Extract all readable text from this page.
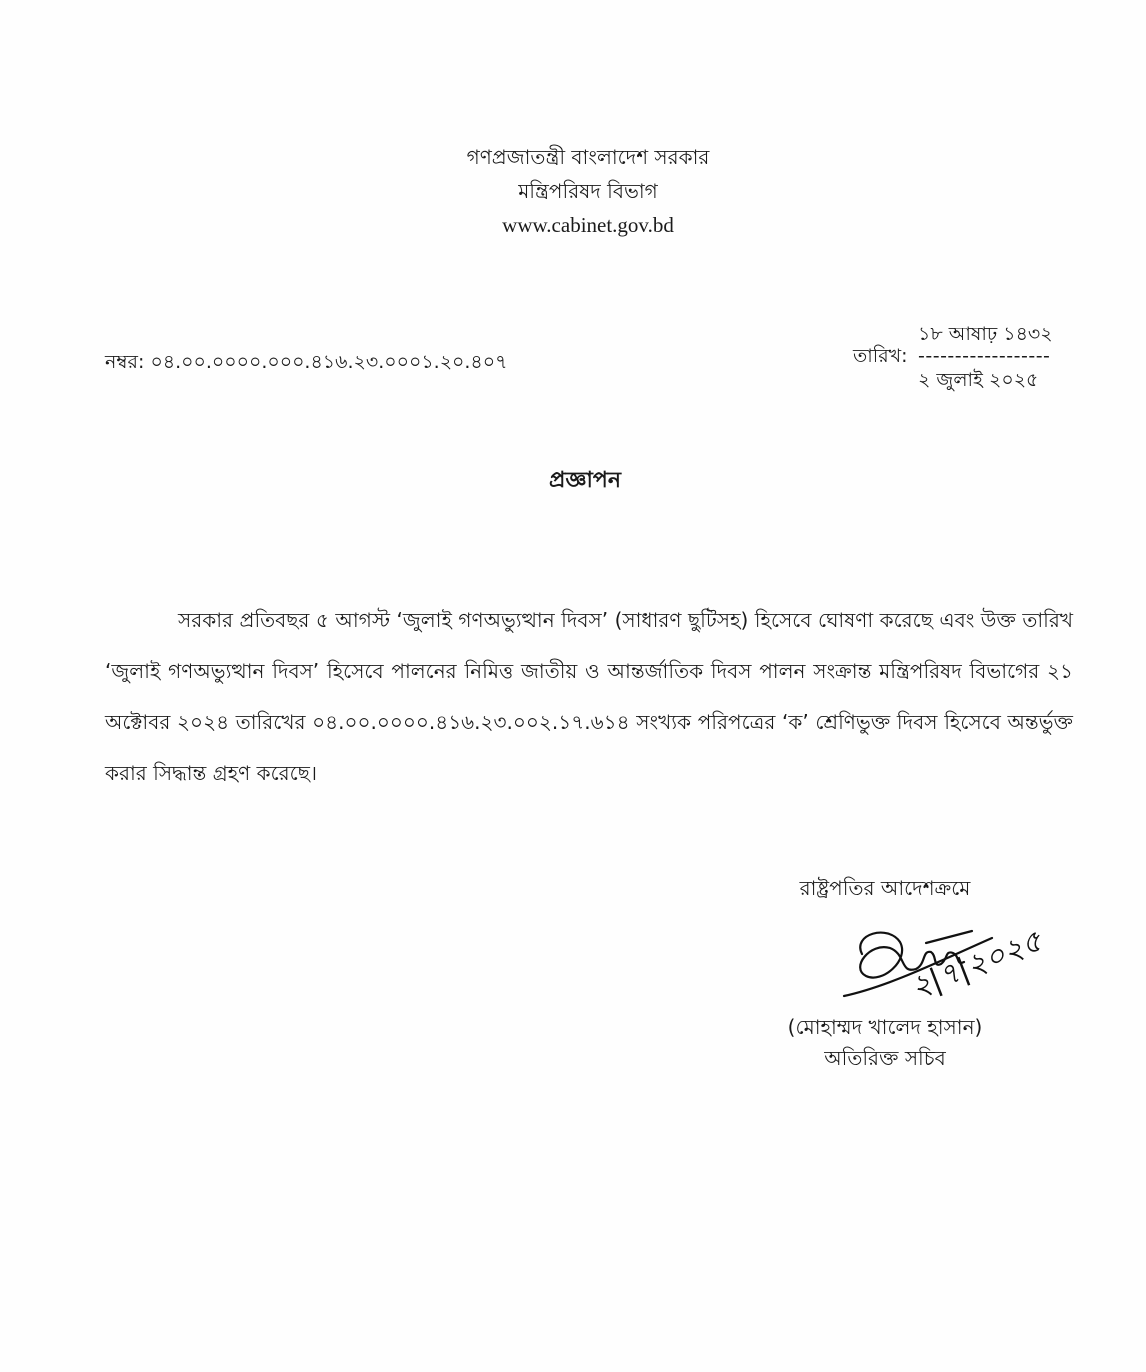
গণপ্রজাতন্ত্রী বাংলাদেশ সরকার
মন্ত্রিপরিষদ বিভাগ
www.cabinet.gov.bd
নম্বর: ০৪.০০.০০০০.০০০.৪১৬.২৩.০০০১.২০.৪০৭	তারিখ:
১৮ আষাঢ় ১৪৩২
------------------
২ জুলাই ২০২৫
প্রজ্ঞাপন

সরকার প্রতিবছর ৫ আগস্ট ‘জুলাই গণঅভ্যুত্থান দিবস’ (সাধারণ ছুটিসহ) হিসেবে ঘোষণা করেছে এবং উক্ত তারিখ ‘জুলাই গণঅভ্যুত্থান দিবস’ হিসেবে পালনের নিমিত্ত জাতীয় ও আন্তর্জাতিক দিবস পালন সংক্রান্ত মন্ত্রিপরিষদ বিভাগের ২১ অক্টোবর ২০২৪ তারিখের ০৪.০০.০০০০.৪১৬.২৩.০০২.১৭.৬১৪ সংখ্যক পরিপত্রের ‘ক’ শ্রেণিভুক্ত দিবস হিসেবে অন্তর্ভুক্ত করার সিদ্ধান্ত গ্রহণ করেছে।

রাষ্ট্রপতির আদেশক্রমে
২|৭|২০২৫
(মোহাম্মদ খালেদ হাসান)
অতিরিক্ত সচিব
